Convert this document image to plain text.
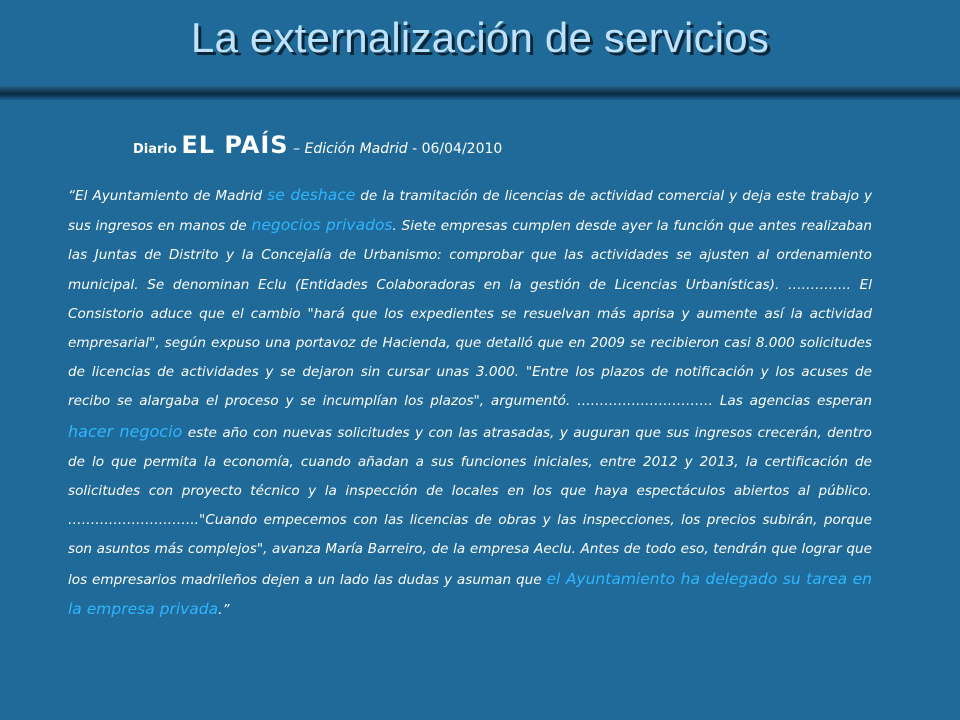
La externalización de servicios
Diario EL PAÍS – Edición Madrid - 06/04/2010
“El Ayuntamiento de Madrid se deshace de la tramitación de licencias de actividad comercial y deja este trabajo y sus ingresos en manos de negocios privados. Siete empresas cumplen desde ayer la función que antes realizaban las Juntas de Distrito y la Concejalía de Urbanismo: comprobar que las actividades se ajusten al ordenamiento municipal. Se denominan Eclu (Entidades Colaboradoras en la gestión de Licencias Urbanísticas). ………….. El Consistorio aduce que el cambio "hará que los expedientes se resuelvan más aprisa y aumente así la actividad empresarial", según expuso una portavoz de Hacienda, que detalló que en 2009 se recibieron casi 8.000 solicitudes de licencias de actividades y se dejaron sin cursar unas 3.000. "Entre los plazos de notificación y los acuses de recibo se alargaba el proceso y se incumplían los plazos", argumentó. ………………………… Las agencias esperan hacer negocio este año con nuevas solicitudes y con las atrasadas, y auguran que sus ingresos crecerán, dentro de lo que permita la economía, cuando añadan a sus funciones iniciales, entre 2012 y 2013, la certificación de solicitudes con proyecto técnico y la inspección de locales en los que haya espectáculos abiertos al público. ……………………….."Cuando empecemos con las licencias de obras y las inspecciones, los precios subirán, porque son asuntos más complejos", avanza María Barreiro, de la empresa Aeclu. Antes de todo eso, tendrán que lograr que los empresarios madrileños dejen a un lado las dudas y asuman que el Ayuntamiento ha delegado su tarea en la empresa privada.”
